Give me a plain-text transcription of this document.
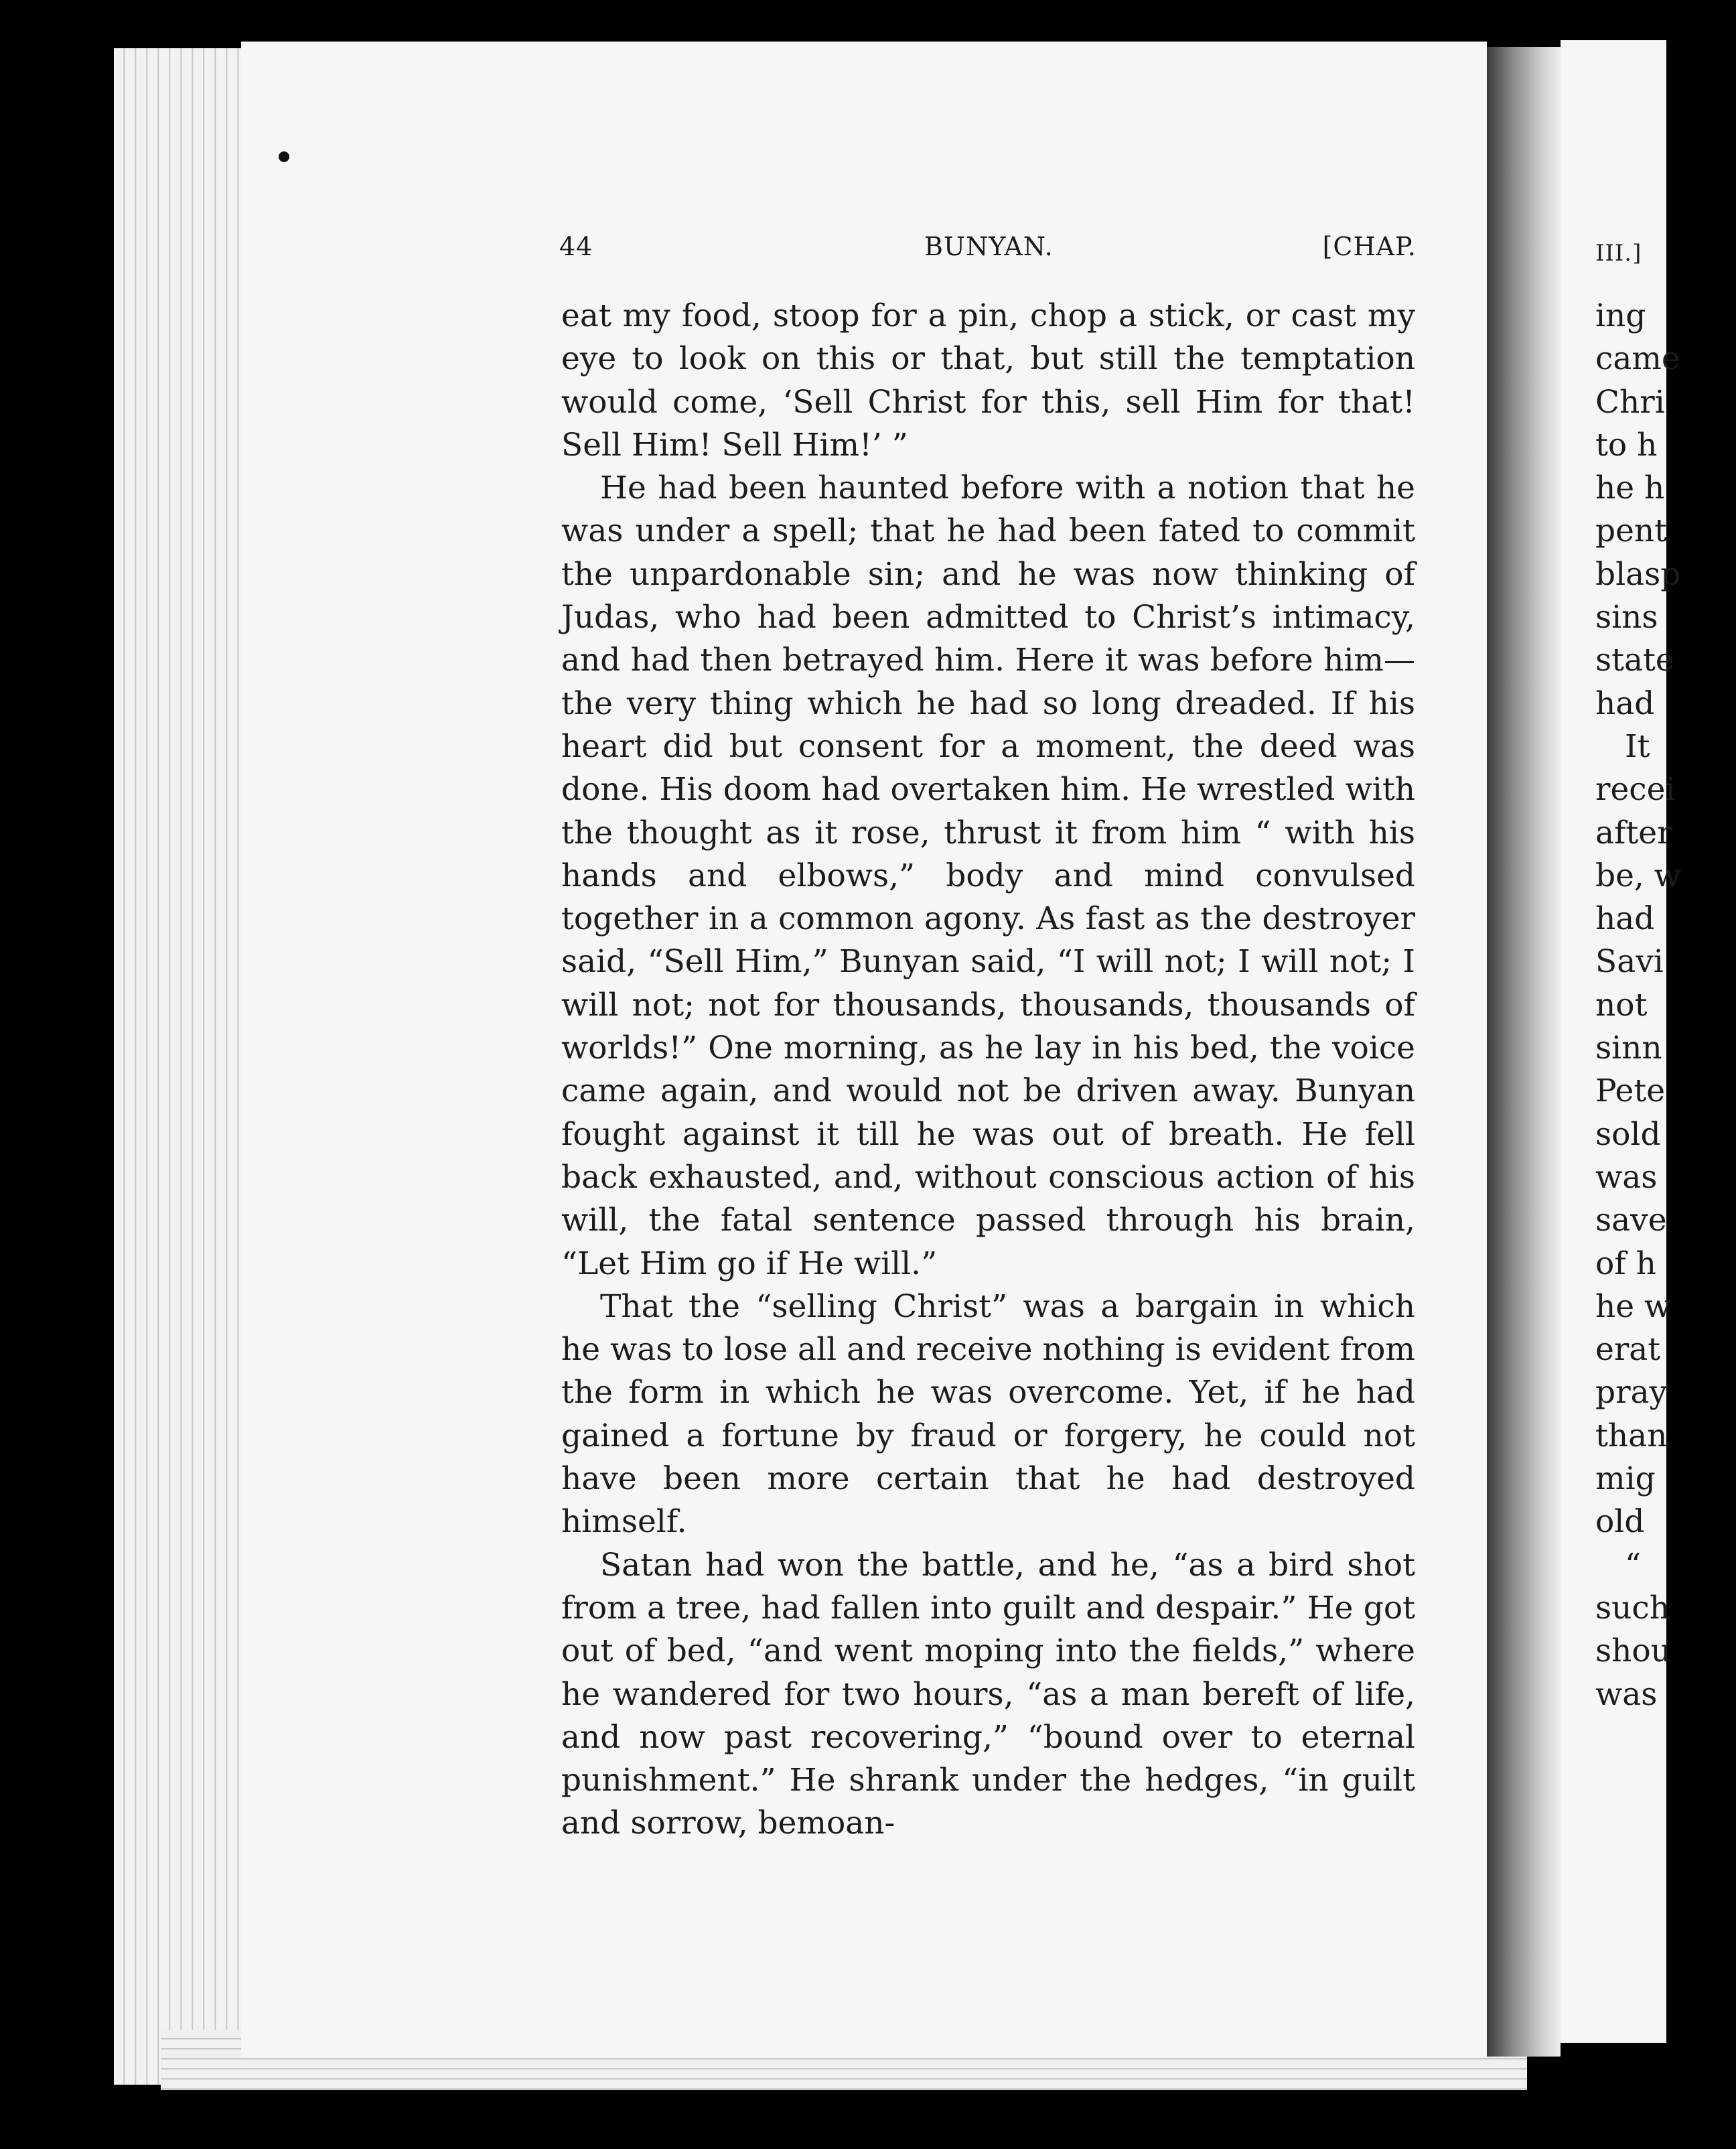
III.]
ing
came
Chri
to h
he h
pent
blasp
sins
state
had
It
recei
after
be, w
had
Savi
not
sinn
Pete
sold
was
save
of h
he w
erat
pray
than
mig
old
“
such
shou
was
44	BUNYAN.	[CHAP.

eat my food, stoop for a pin, chop a stick, or cast my eye to look on this or that, but still the temptation would come, ‘Sell Christ for this, sell Him for that! Sell Him! Sell Him!’ ”

He had been haunted before with a notion that he was under a spell; that he had been fated to commit the unpardonable sin; and he was now thinking of Judas, who had been admitted to Christ’s intimacy, and had then betrayed him. Here it was before him—the very thing which he had so long dreaded. If his heart did but consent for a moment, the deed was done. His doom had overtaken him. He wrestled with the thought as it rose, thrust it from him “ with his hands and elbows,” body and mind convulsed together in a common agony. As fast as the destroyer said, “Sell Him,” Bunyan said, “I will not; I will not; I will not; not for thousands, thousands, thousands of worlds!” One morning, as he lay in his bed, the voice came again, and would not be driven away. Bunyan fought against it till he was out of breath. He fell back exhausted, and, without conscious action of his will, the fatal sentence passed through his brain, “Let Him go if He will.”

That the “selling Christ” was a bargain in which he was to lose all and receive nothing is evident from the form in which he was overcome. Yet, if he had gained a fortune by fraud or forgery, he could not have been more certain that he had destroyed himself.

Satan had won the battle, and he, “as a bird shot from a tree, had fallen into guilt and despair.” He got out of bed, “and went moping into the fields,” where he wandered for two hours, “as a man bereft of life, and now past recovering,” “bound over to eternal punishment.” He shrank under the hedges, “in guilt and sorrow, bemoan-
